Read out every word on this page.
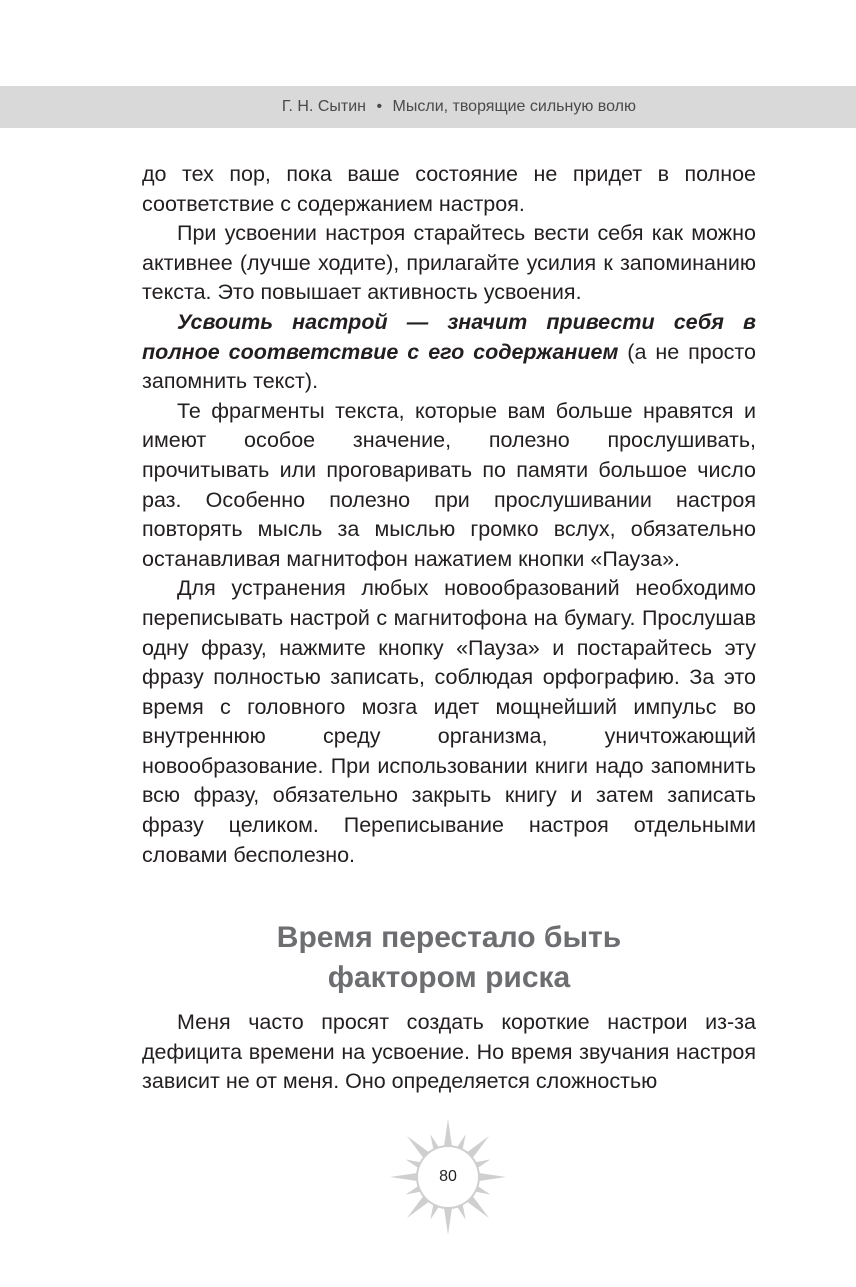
Г. Н. Сытин • Мысли, творящие сильную волю

до тех пор, пока ваше состояние не придет в полное соответствие с содержанием настроя.

При усвоении настроя старайтесь вести себя как можно активнее (лучше ходите), прилагайте усилия к запоминанию текста. Это повышает активность усвоения.

Усвоить настрой — значит привести себя в полное соответствие с его содержанием (а не просто запомнить текст).

Те фрагменты текста, которые вам больше нравятся и имеют особое значение, полезно прослушивать, прочитывать или проговаривать по памяти большое число раз. Особенно полезно при прослушивании настроя повторять мысль за мыслью громко вслух, обязательно останавливая магнитофон нажатием кнопки «Пауза».

Для устранения любых новообразований необходимо переписывать настрой с магнитофона на бумагу. Прослушав одну фразу, нажмите кнопку «Пауза» и постарайтесь эту фразу полностью записать, соблюдая орфографию. За это время с головного мозга идет мощнейший импульс во внутреннюю среду организма, уничтожающий новообразование. При использовании книги надо запомнить всю фразу, обязательно закрыть книгу и затем записать фразу целиком. Переписывание настроя отдельными словами бесполезно.

Время перестало быть
фактором риска

Меня часто просят создать короткие настрои из-за дефицита времени на усвоение. Но время звучания настроя зависит не от меня. Оно определяется сложностью

80
